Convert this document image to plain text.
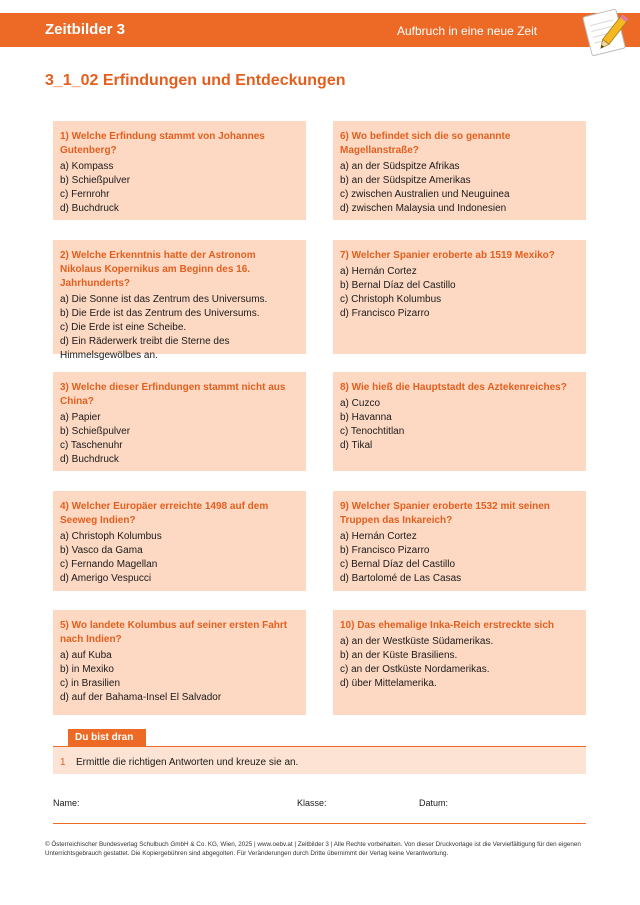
Zeitbilder 3	Aufbruch in eine neue Zeit
3_1_02 Erfindungen und Entdeckungen
1) Welche Erfindung stammt von Johannes Gutenberg?
a) Kompass
b) Schießpulver
c) Fernrohr
d) Buchdruck
2) Welche Erkenntnis hatte der Astronom Nikolaus Kopernikus am Beginn des 16. Jahrhunderts?
a) Die Sonne ist das Zentrum des Universums.
b) Die Erde ist das Zentrum des Universums.
c) Die Erde ist eine Scheibe.
d) Ein Räderwerk treibt die Sterne des Himmelsgewölbes an.
3) Welche dieser Erfindungen stammt nicht aus China?
a) Papier
b) Schießpulver
c) Taschenuhr
d) Buchdruck
4) Welcher Europäer erreichte 1498 auf dem Seeweg Indien?
a) Christoph Kolumbus
b) Vasco da Gama
c) Fernando Magellan
d) Amerigo Vespucci
5) Wo landete Kolumbus auf seiner ersten Fahrt nach Indien?
a) auf Kuba
b) in Mexiko
c) in Brasilien
d) auf der Bahama-Insel El Salvador
6) Wo befindet sich die so genannte Magellanstraße?
a) an der Südspitze Afrikas
b) an der Südspitze Amerikas
c) zwischen Australien und Neuguinea
d) zwischen Malaysia und Indonesien
7) Welcher Spanier eroberte ab 1519 Mexiko?
a) Hernán Cortez
b) Bernal Díaz del Castillo
c) Christoph Kolumbus
d) Francisco Pizarro
8) Wie hieß die Hauptstadt des Aztekenreiches?
a) Cuzco
b) Havanna
c) Tenochtitlan
d) Tikal
9) Welcher Spanier eroberte 1532 mit seinen Truppen das Inkareich?
a) Hernán Cortez
b) Francisco Pizarro
c) Bernal Díaz del Castillo
d) Bartolomé de Las Casas
10) Das ehemalige Inka-Reich erstreckte sich
a) an der Westküste Südamerikas.
b) an der Küste Brasiliens.
c) an der Ostküste Nordamerikas.
d) über Mittelamerika.
Du bist dran
1 Ermittle die richtigen Antworten und kreuze sie an.
Name:	Klasse:	Datum:
© Österreichischer Bundesverlag Schulbuch GmbH & Co. KG, Wien, 2025 | www.oebv.at | Zeitbilder 3 | Alle Rechte vorbehalten. Von dieser Druckvorlage ist die Vervielfältigung für den eigenen
Unterrichtsgebrauch gestattet. Die Kopiergebühren sind abgegolten. Für Veränderungen durch Dritte übernimmt der Verlag keine Verantwortung.
